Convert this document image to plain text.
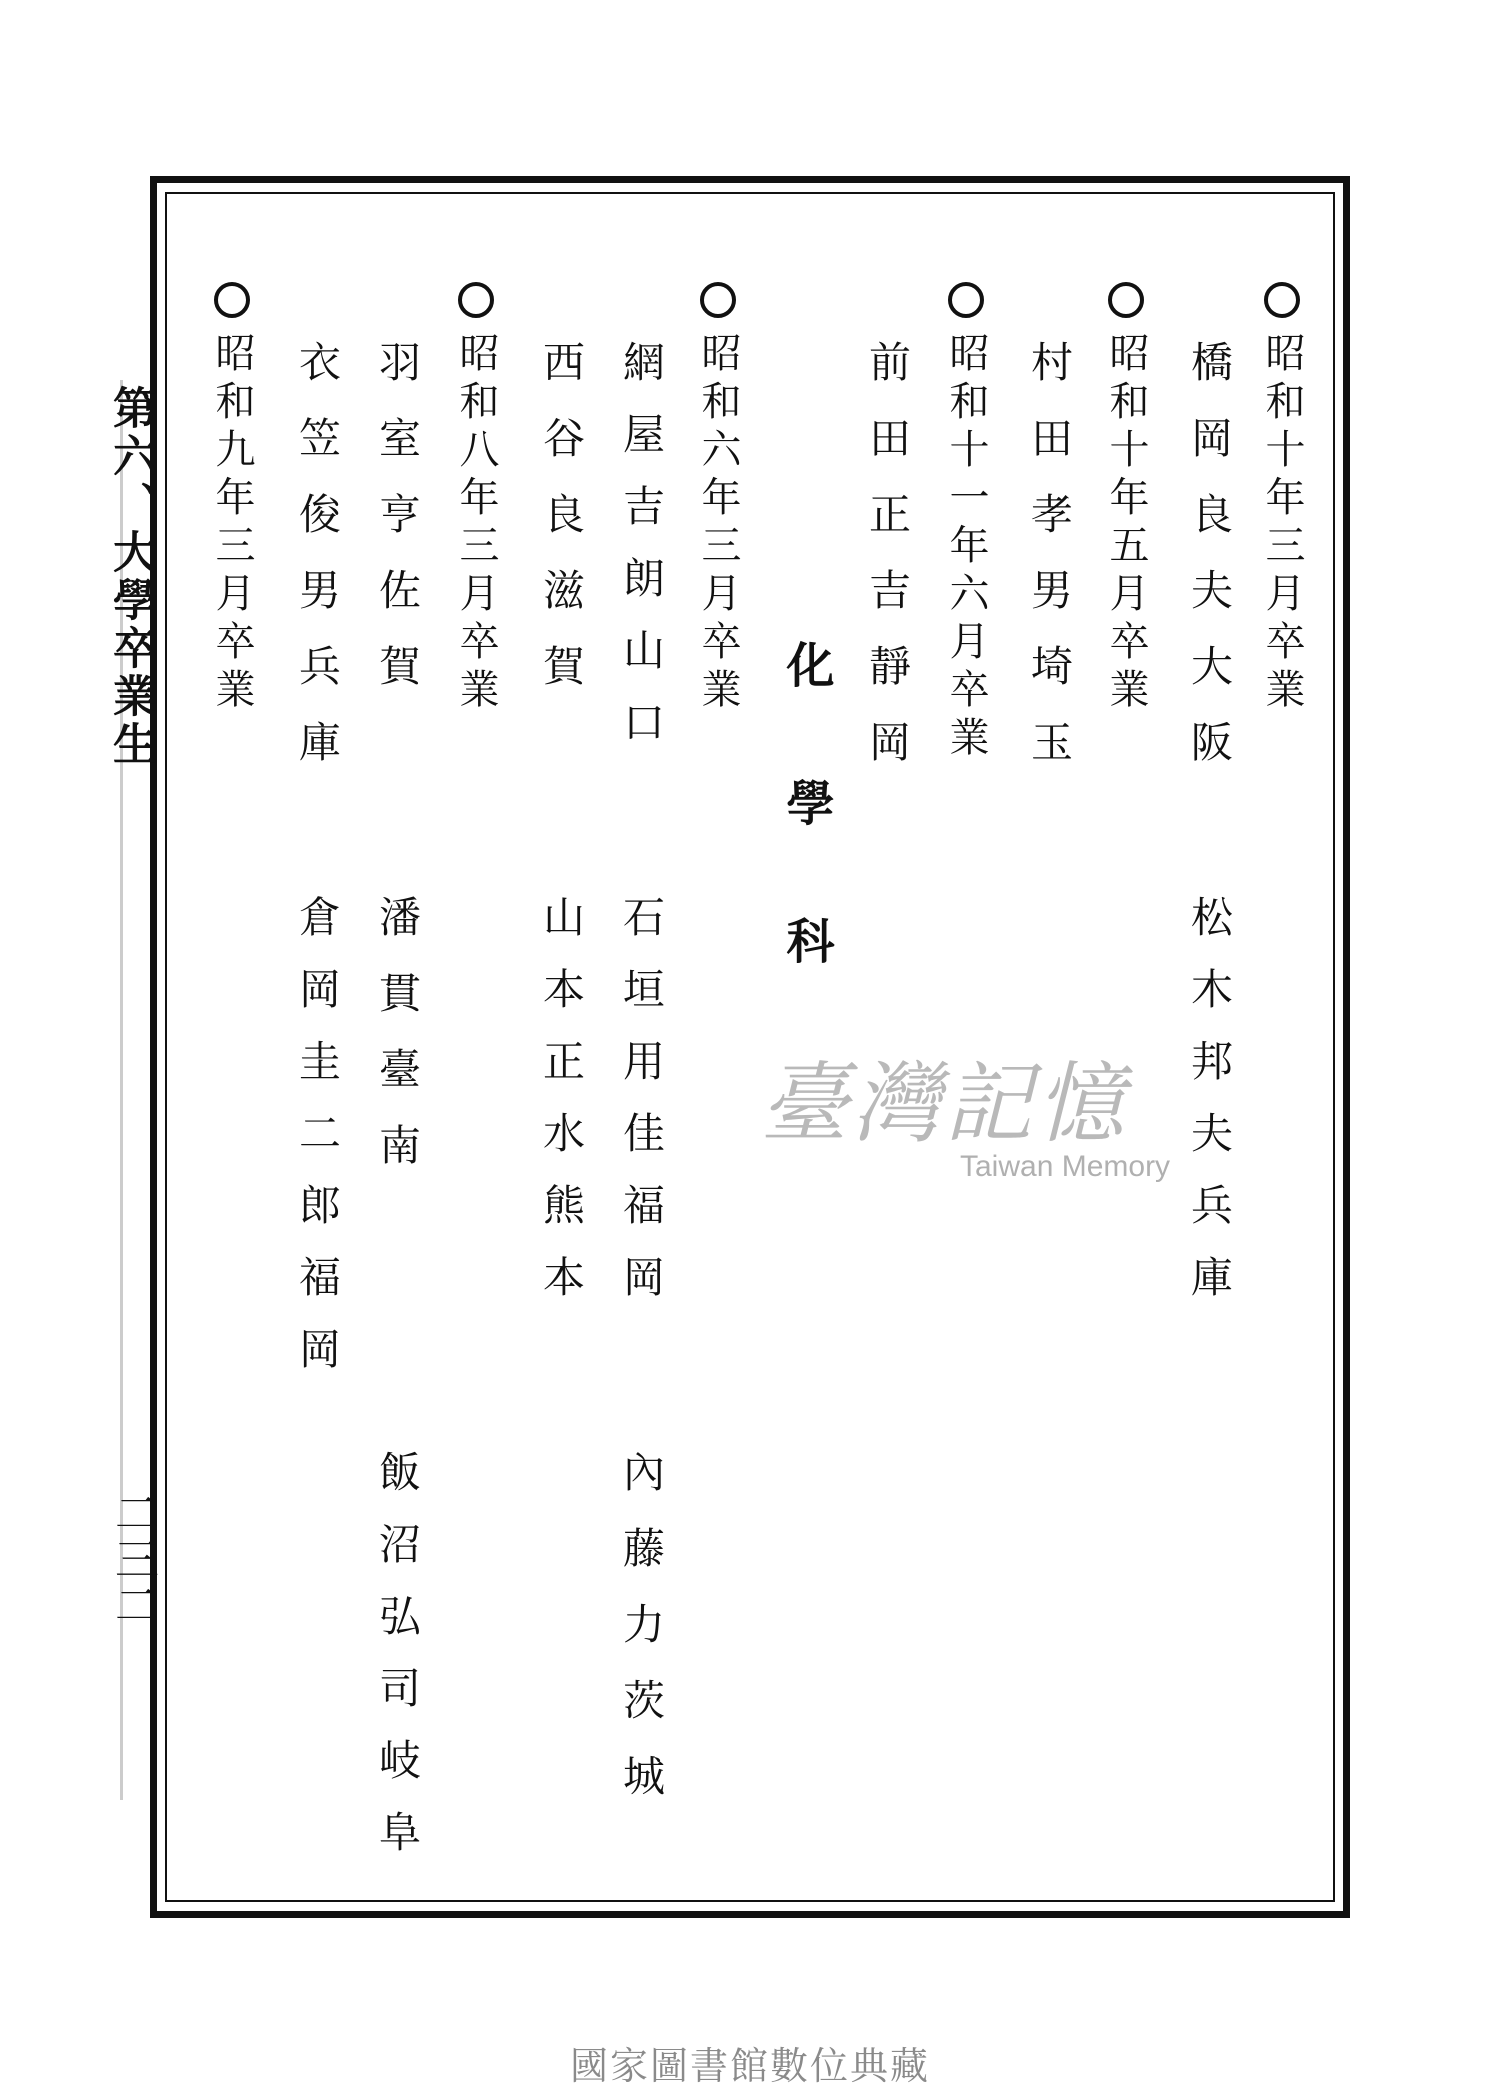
第六、大學卒業生
二三二
昭和十年三月卒業
橋岡良夫大阪
松木邦夫兵庫
昭和十年五月卒業
村田孝男埼玉
昭和十一年六月卒業
前田正吉靜岡
化學科
昭和六年三月卒業
網屋吉朗山口
石垣用佳福岡
內藤力茨城
西谷良滋賀
山本正水熊本
昭和八年三月卒業
羽室亨佐賀
潘貫臺南
飯沼弘司岐阜
衣笠俊男兵庫
倉岡圭二郎福岡
昭和九年三月卒業
臺灣記憶
Taiwan Memory
國家圖書館數位典藏
